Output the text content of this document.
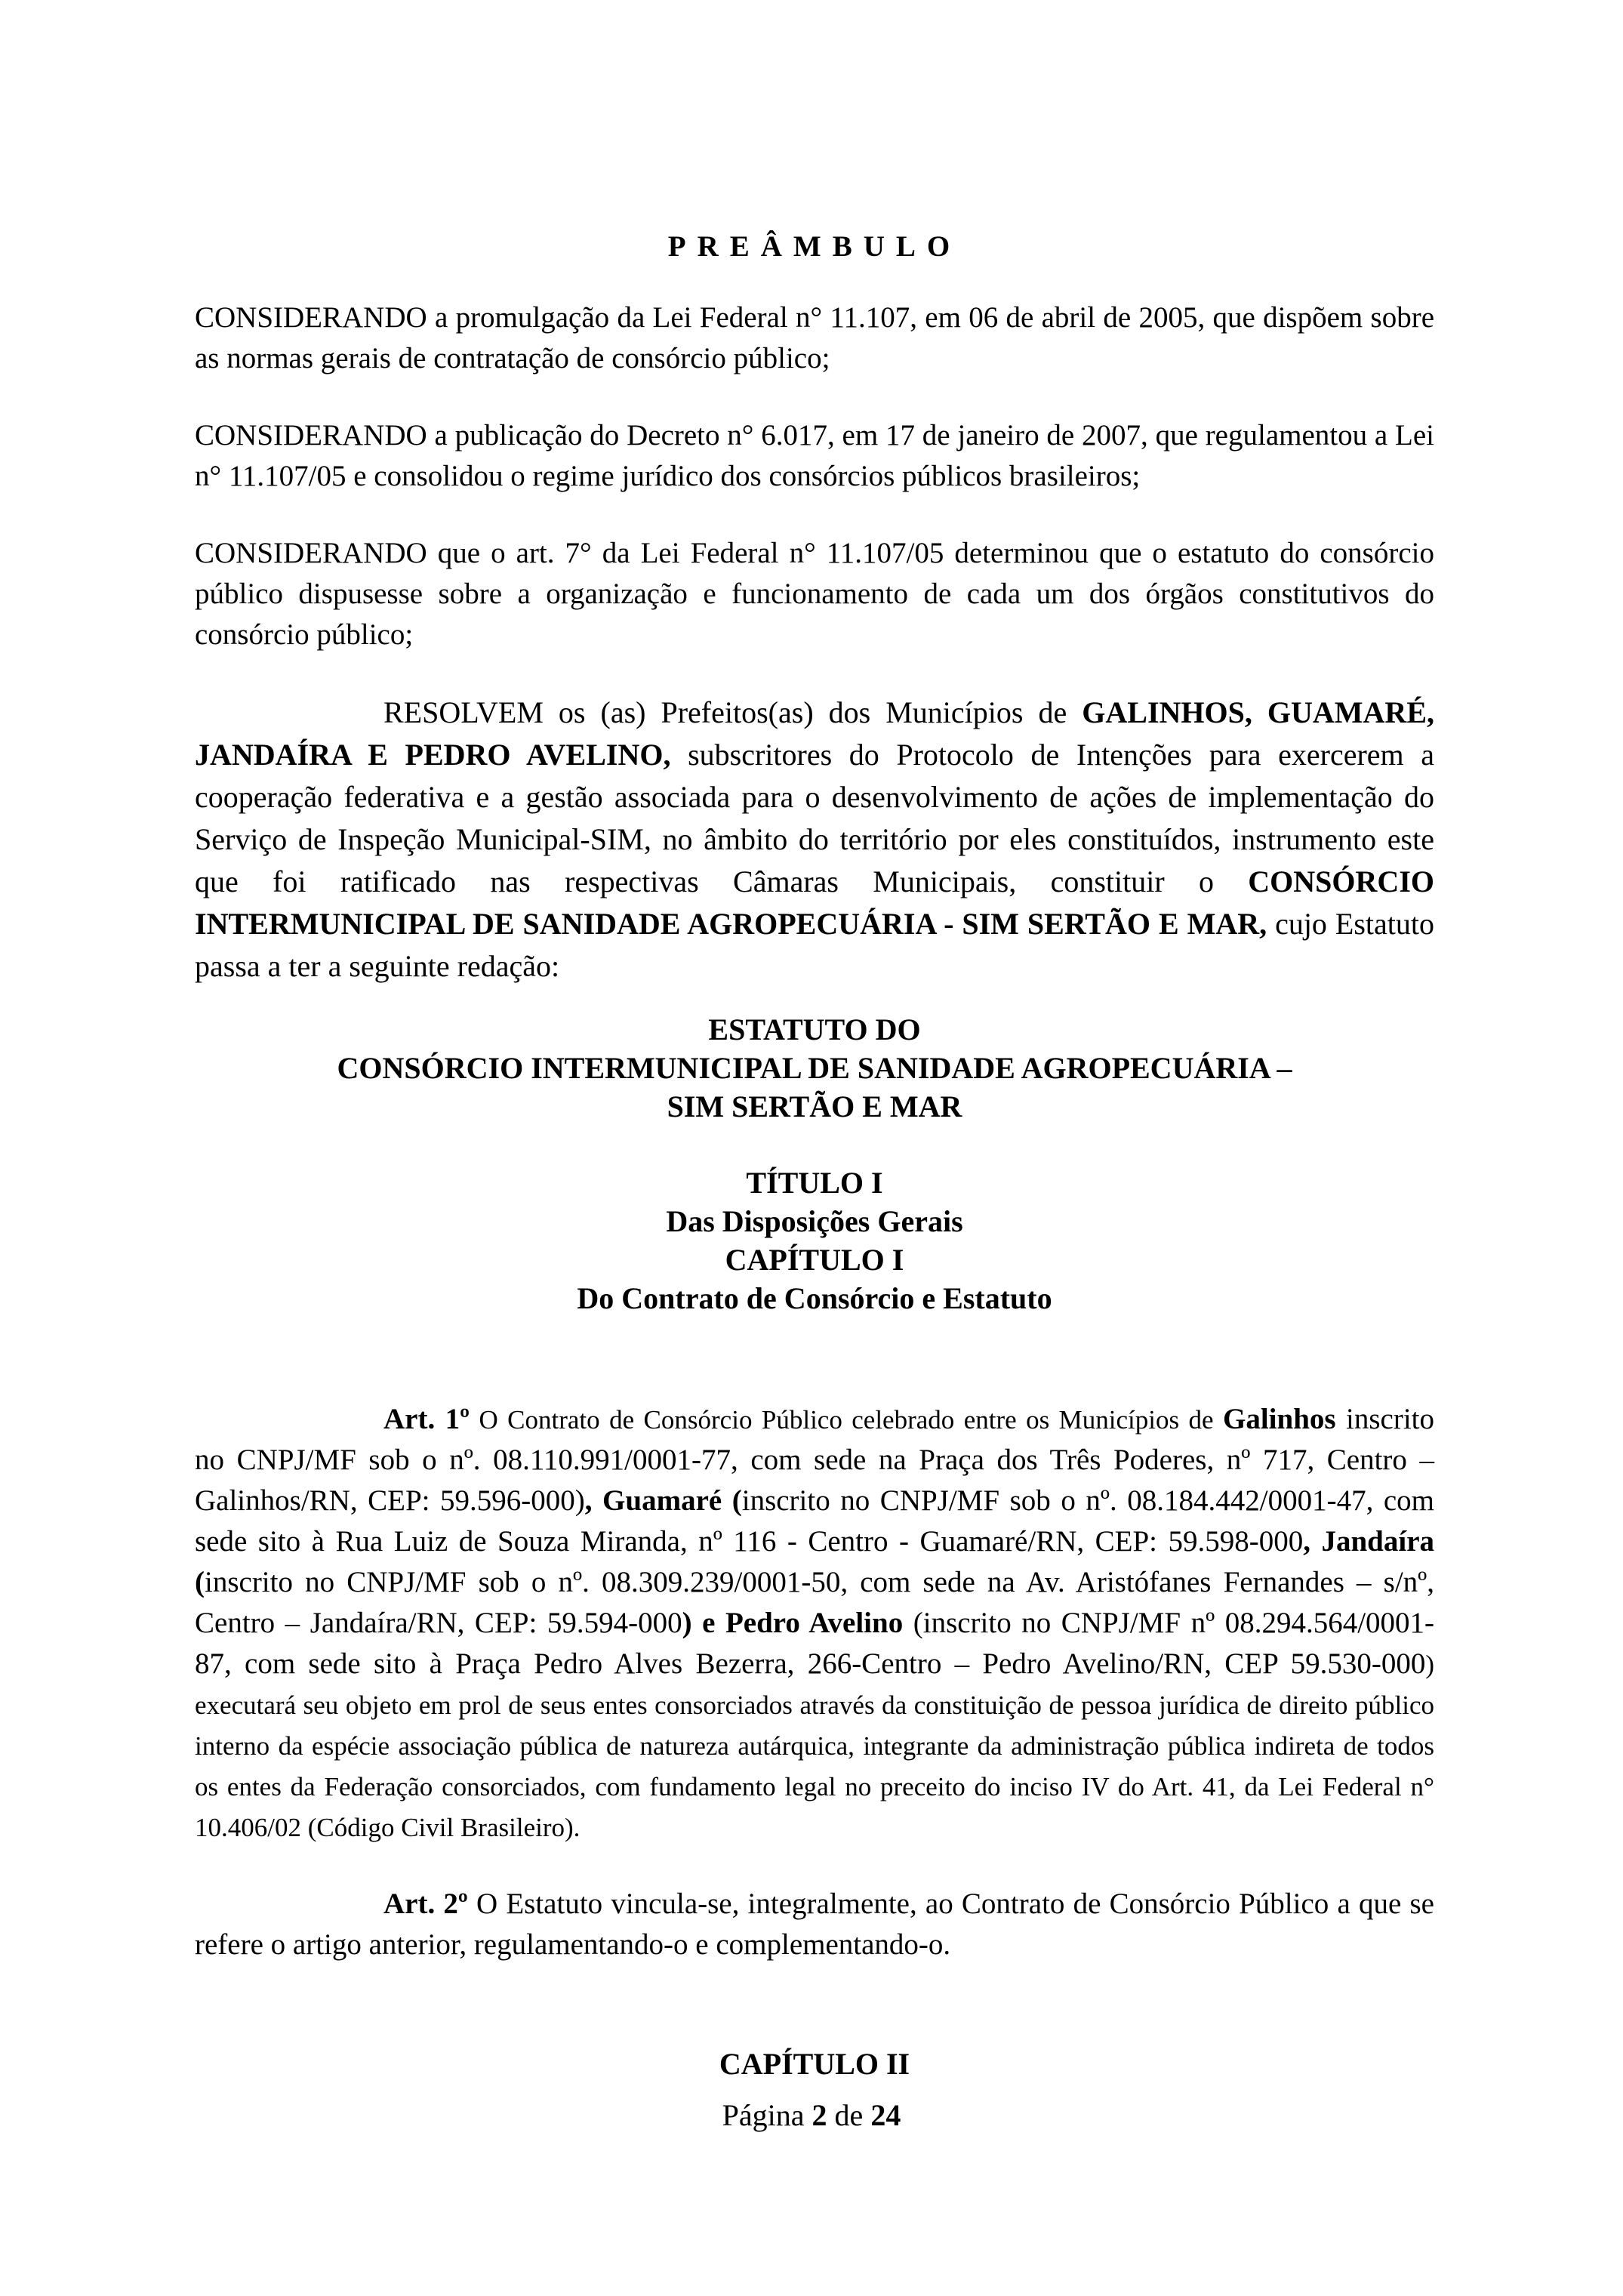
PREÂMBULO

CONSIDERANDO a promulgação da Lei Federal n° 11.107, em 06 de abril de 2005, que dispõem sobre as normas gerais de contratação de consórcio público;

CONSIDERANDO a publicação do Decreto n° 6.017, em 17 de janeiro de 2007, que regulamentou a Lei n° 11.107/05 e consolidou o regime jurídico dos consórcios públicos brasileiros;

CONSIDERANDO que o art. 7° da Lei Federal n° 11.107/05 determinou que o estatuto do consórcio público dispusesse sobre a organização e funcionamento de cada um dos órgãos constitutivos do consórcio público;

RESOLVEM os (as) Prefeitos(as) dos Municípios de GALINHOS, GUAMARÉ, JANDAÍRA E PEDRO AVELINO, subscritores do Protocolo de Intenções para exercerem a cooperação federativa e a gestão associada para o desenvolvimento de ações de implementação do Serviço de Inspeção Municipal-SIM, no âmbito do território por eles constituídos, instrumento este que foi ratificado nas respectivas Câmaras Municipais, constituir o CONSÓRCIO INTERMUNICIPAL DE SANIDADE AGROPECUÁRIA - SIM SERTÃO E MAR, cujo Estatuto passa a ter a seguinte redação:

ESTATUTO DO
CONSÓRCIO INTERMUNICIPAL DE SANIDADE AGROPECUÁRIA –
SIM SERTÃO E MAR
TÍTULO I
Das Disposições Gerais
CAPÍTULO I
Do Contrato de Consórcio e Estatuto

Art. 1º O Contrato de Consórcio Público celebrado entre os Municípios de Galinhos inscrito no CNPJ/MF sob o nº. 08.110.991/0001-77, com sede na Praça dos Três Poderes, nº 717, Centro – Galinhos/RN, CEP: 59.596-000), Guamaré (inscrito no CNPJ/MF sob o nº. 08.184.442/0001-47, com sede sito à Rua Luiz de Souza Miranda, nº 116 - Centro - Guamaré/RN, CEP: 59.598-000, Jandaíra (inscrito no CNPJ/MF sob o nº. 08.309.239/0001-50, com sede na Av. Aristófanes Fernandes – s/nº, Centro – Jandaíra/RN, CEP: 59.594-000) e Pedro Avelino (inscrito no CNPJ/MF nº 08.294.564/0001-87, com sede sito à Praça Pedro Alves Bezerra, 266-Centro – Pedro Avelino/RN, CEP 59.530-000) executará seu objeto em prol de seus entes consorciados através da constituição de pessoa jurídica de direito público interno da espécie associação pública de natureza autárquica, integrante da administração pública indireta de todos os entes da Federação consorciados, com fundamento legal no preceito do inciso IV do Art. 41, da Lei Federal n° 10.406/02 (Código Civil Brasileiro).

Art. 2º O Estatuto vincula-se, integralmente, ao Contrato de Consórcio Público a que se refere o artigo anterior, regulamentando-o e complementando-o.

CAPÍTULO II

Página 2 de 24
